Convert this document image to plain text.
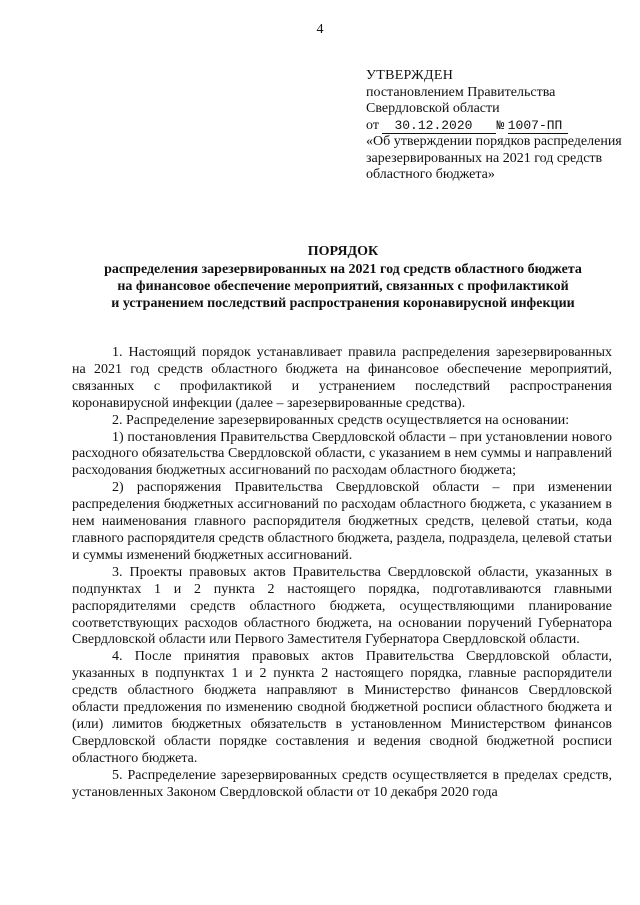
4
УТВЕРЖДЕН
постановлением Правительства
Свердловской области
от 30.12.2020 № 1007-ПП
«Об утверждении порядков распределения зарезервированных на 2021 год средств областного бюджета»
ПОРЯДОК
распределения зарезервированных на 2021 год средств областного бюджета
на финансовое обеспечение мероприятий, связанных с профилактикой
и устранением последствий распространения коронавирусной инфекции

1. Настоящий порядок устанавливает правила распределения зарезервированных на 2021 год средств областного бюджета на финансовое обеспечение мероприятий, связанных с профилактикой и устранением последствий распространения коронавирусной инфекции (далее – зарезервированные средства).

2. Распределение зарезервированных средств осуществляется на основании:

1) постановления Правительства Свердловской области – при установлении нового расходного обязательства Свердловской области, с указанием в нем суммы и направлений расходования бюджетных ассигнований по расходам областного бюджета;

2) распоряжения Правительства Свердловской области – при изменении распределения бюджетных ассигнований по расходам областного бюджета, с указанием в нем наименования главного распорядителя бюджетных средств, целевой статьи, кода главного распорядителя средств областного бюджета, раздела, подраздела, целевой статьи и суммы изменений бюджетных ассигнований.

3. Проекты правовых актов Правительства Свердловской области, указанных в подпунктах 1 и 2 пункта 2 настоящего порядка, подготавливаются главными распорядителями средств областного бюджета, осуществляющими планирование соответствующих расходов областного бюджета, на основании поручений Губернатора Свердловской области или Первого Заместителя Губернатора Свердловской области.

4. После принятия правовых актов Правительства Свердловской области, указанных в подпунктах 1 и 2 пункта 2 настоящего порядка, главные распорядители средств областного бюджета направляют в Министерство финансов Свердловской области предложения по изменению сводной бюджетной росписи областного бюджета и (или) лимитов бюджетных обязательств в установленном Министерством финансов Свердловской области порядке составления и ведения сводной бюджетной росписи областного бюджета.

5. Распределение зарезервированных средств осуществляется в пределах средств, установленных Законом Свердловской области от 10 декабря 2020 года
